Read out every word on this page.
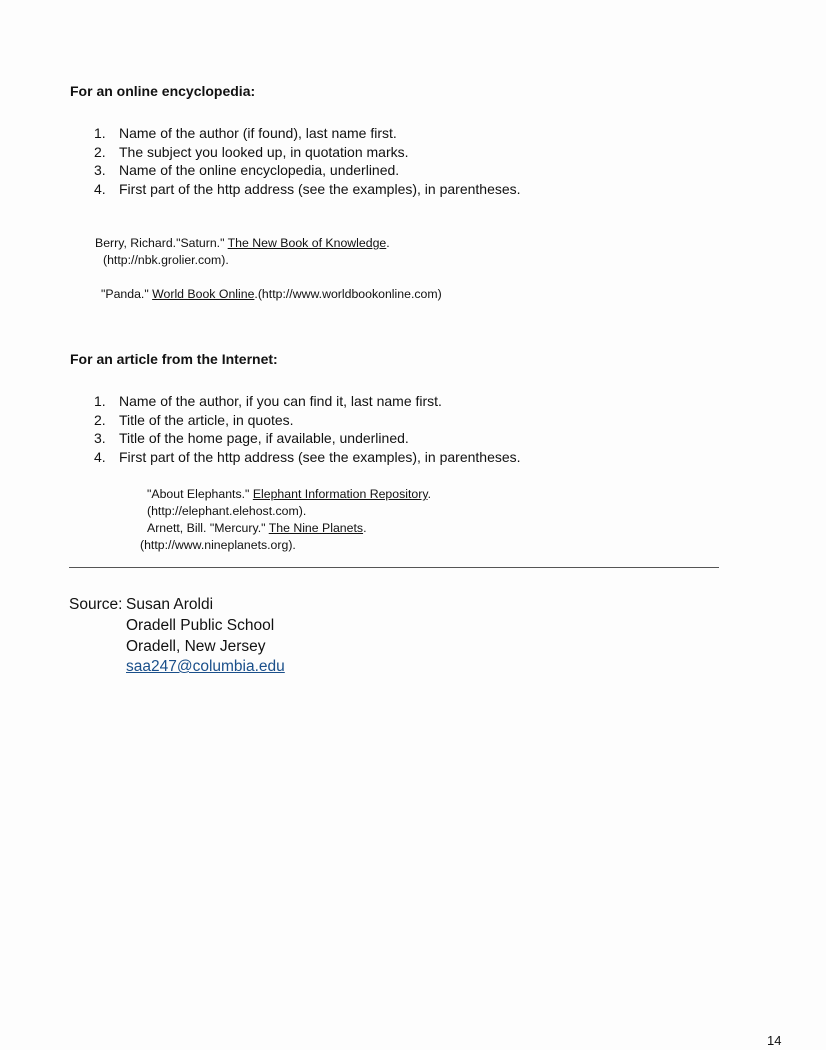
For an online encyclopedia:
1. Name of the author (if found), last name first.
2. The subject you looked up, in quotation marks.
3. Name of the online encyclopedia, underlined.
4. First part of the http address (see the examples), in parentheses.
Berry, Richard."Saturn." The New Book of Knowledge.
(http://nbk.grolier.com).
"Panda." World Book Online.(http://www.worldbookonline.com)
For an article from the Internet:
1. Name of the author, if you can find it, last name first.
2. Title of the article, in quotes.
3. Title of the home page, if available, underlined.
4. First part of the http address (see the examples), in parentheses.
"About Elephants." Elephant Information Repository.
(http://elephant.elehost.com).
Arnett, Bill. "Mercury." The Nine Planets.
(http://www.nineplanets.org).
Source: Susan Aroldi
Oradell Public School
Oradell, New Jersey
saa247@columbia.edu
14
